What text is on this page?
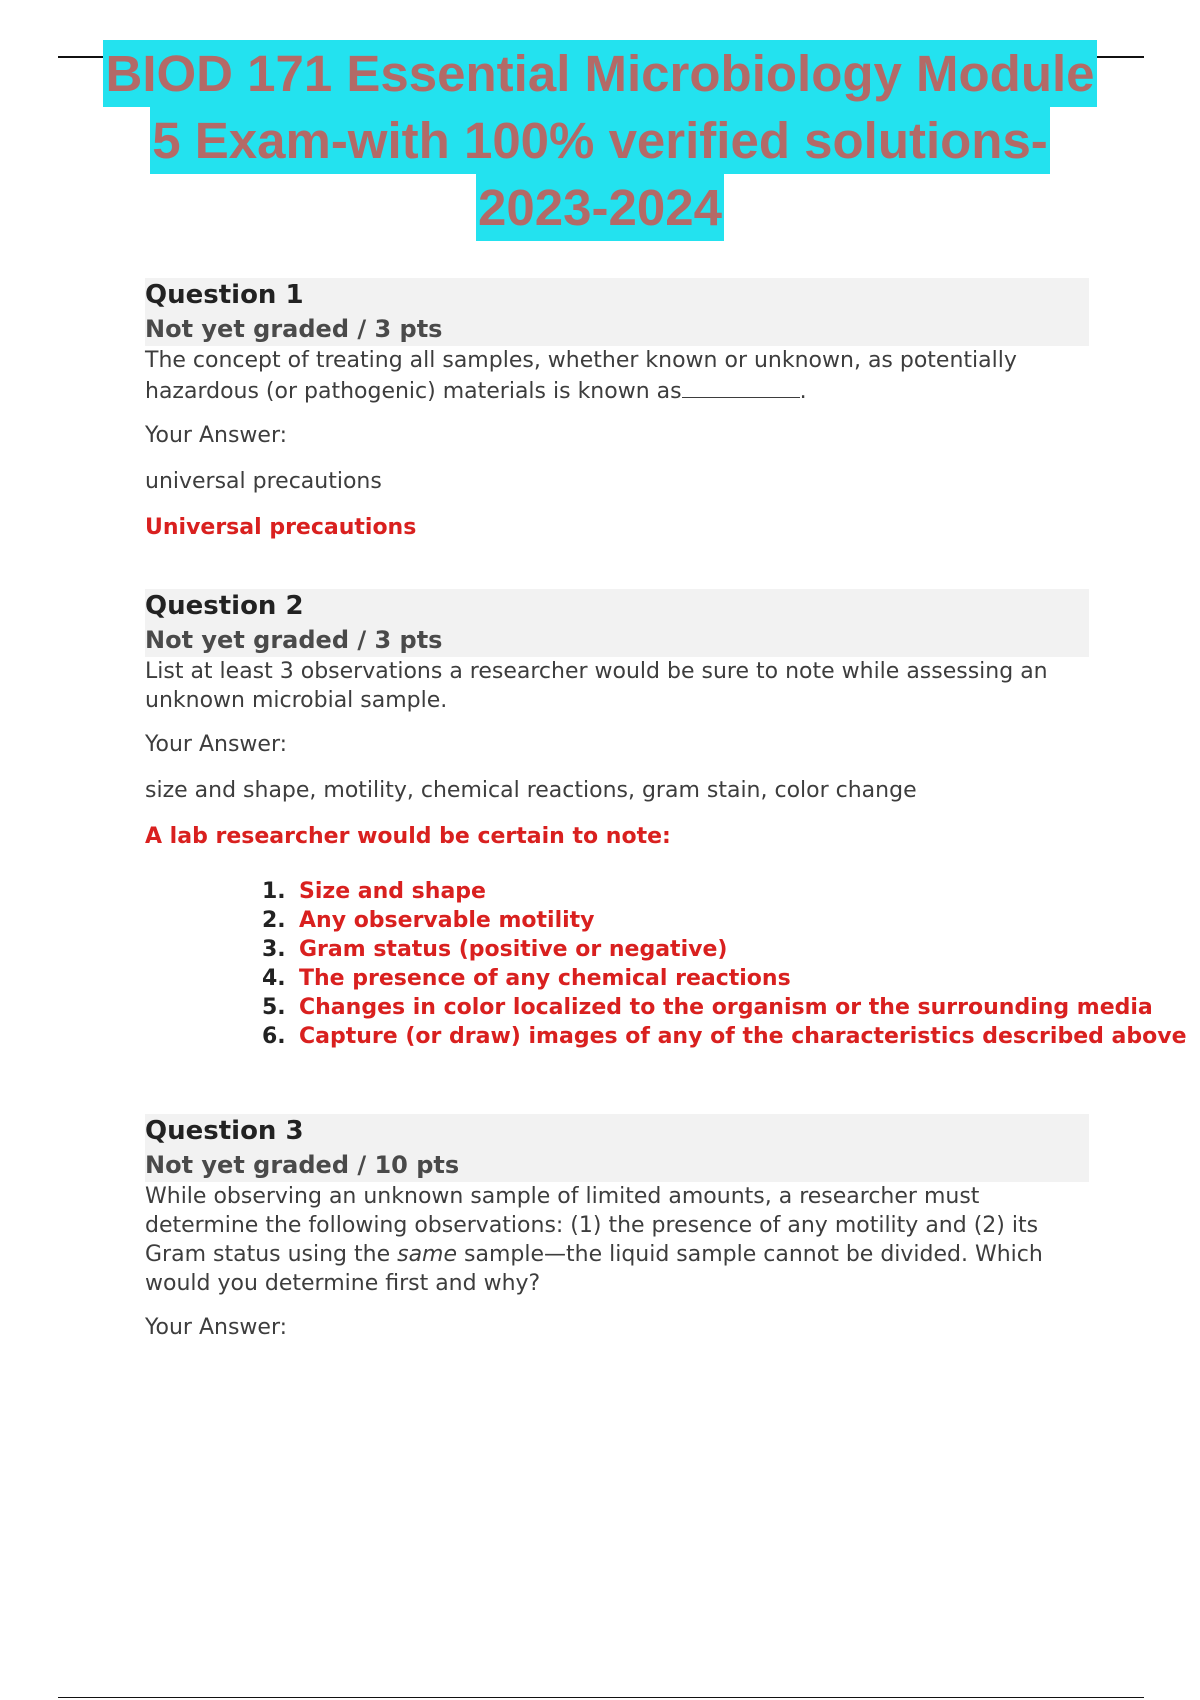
BIOD 171 Essential Microbiology Module
5 Exam-with 100% verified solutions-
2023-2024
Question 1
Not yet graded / 3 pts
The concept of treating all samples, whether known or unknown, as potentially hazardous (or pathogenic) materials is known as	.
Your Answer:
universal precautions
Universal precautions
Question 2
Not yet graded / 3 pts
List at least 3 observations a researcher would be sure to note while assessing an unknown microbial sample.
Your Answer:
size and shape, motility, chemical reactions, gram stain, color change
A lab researcher would be certain to note:
1. Size and shape
2. Any observable motility
3. Gram status (positive or negative)
4. The presence of any chemical reactions
5. Changes in color localized to the organism or the surrounding media
6. Capture (or draw) images of any of the characteristics described above
Question 3
Not yet graded / 10 pts
While observing an unknown sample of limited amounts, a researcher must determine the following observations: (1) the presence of any motility and (2) its Gram status using the same sample—the liquid sample cannot be divided. Which would you determine first and why?
Your Answer:
